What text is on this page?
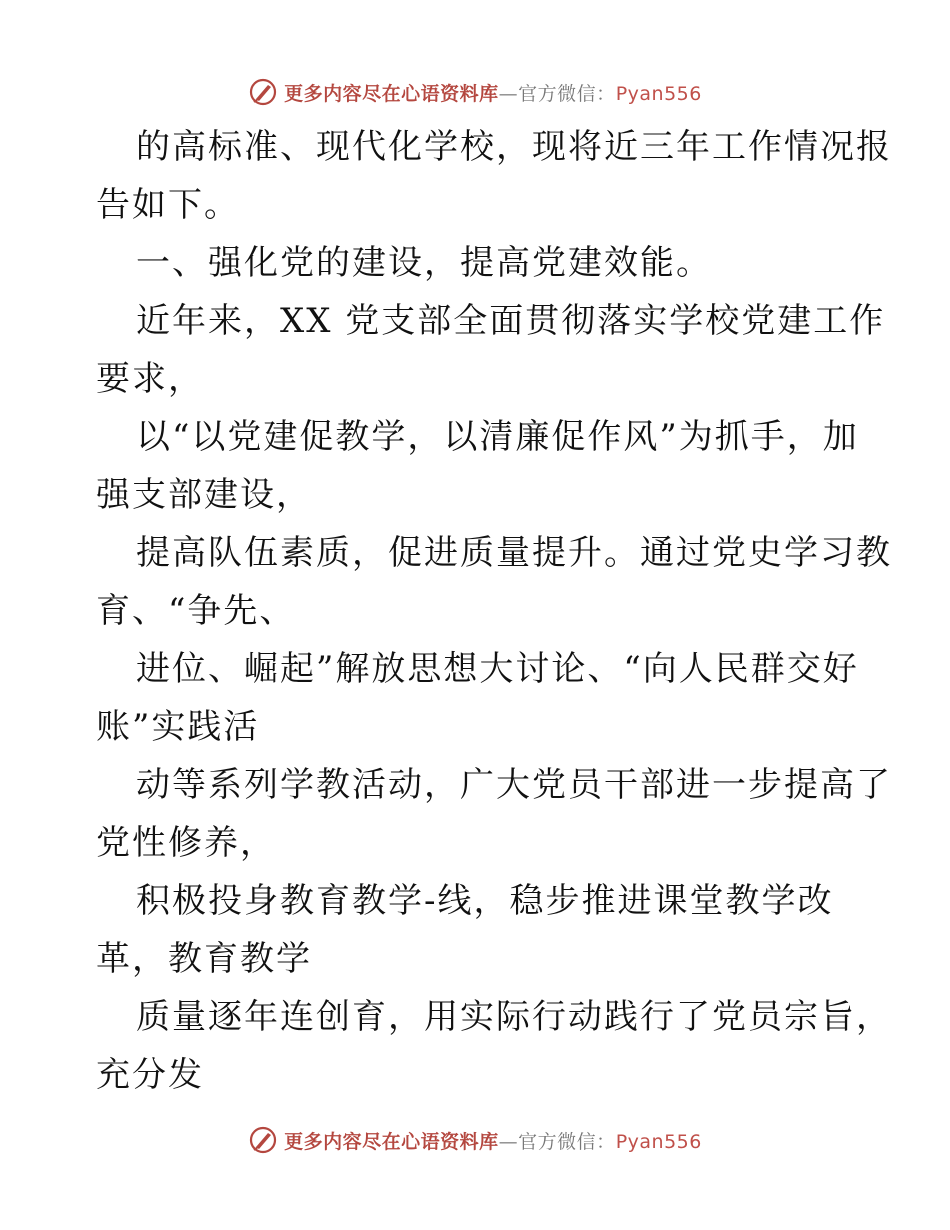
更多内容尽在心语资料库—官方微信：Pyan556
的高标准、现代化学校，现将近三年工作情况报
告如下。
一、强化党的建设，提高党建效能。
近年来，XX 党支部全面贯彻落实学校党建工作
要求，
以“以党建促教学，以清廉促作风”为抓手，加
强支部建设，
提高队伍素质，促进质量提升。通过党史学习教
育、“争先、
进位、崛起”解放思想大讨论、“向人民群交好
账”实践活
动等系列学教活动，广大党员干部进一步提高了
党性修养，
积极投身教育教学-线，稳步推进课堂教学改
革，教育教学
质量逐年连创育，用实际行动践行了党员宗旨，
充分发
更多内容尽在心语资料库—官方微信：Pyan556
